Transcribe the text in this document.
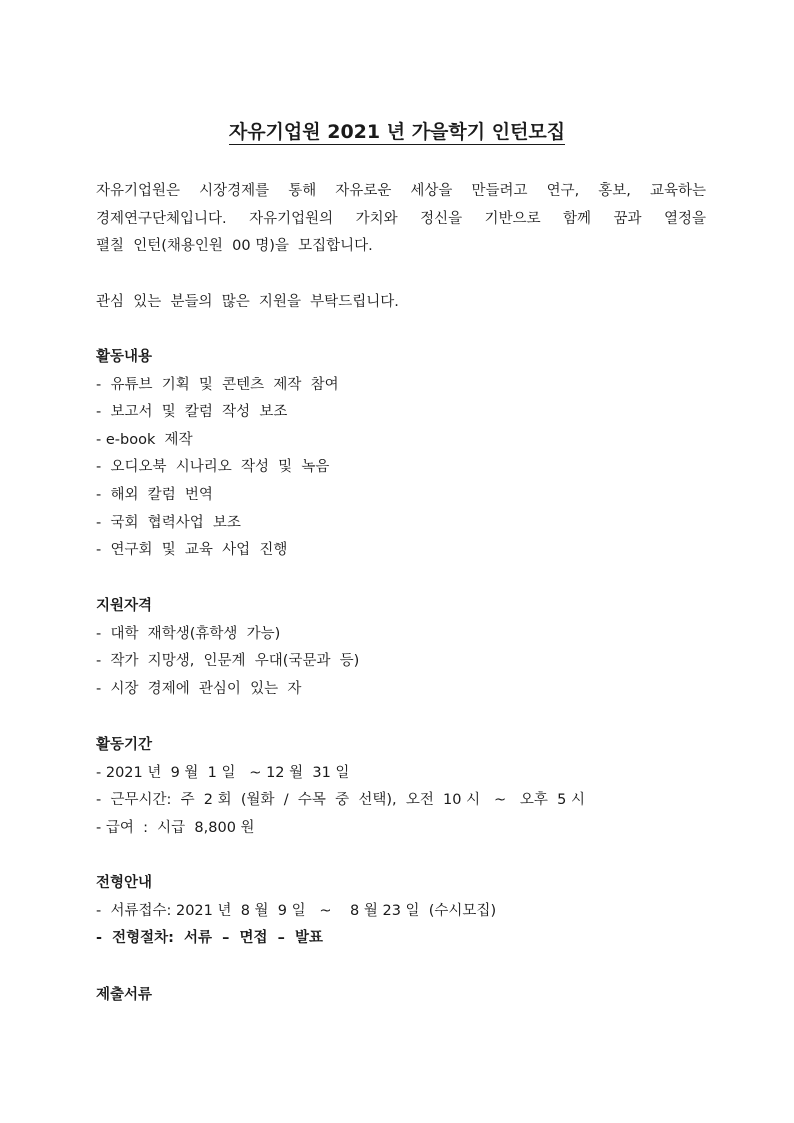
자유기업원 2021 년 가을학기 인턴모집
자유기업원은 시장경제를 통해 자유로운 세상을 만들려고 연구, 홍보, 교육하는
경제연구단체입니다. 자유기업원의 가치와 정신을 기반으로 함께 꿈과 열정을
펼칠  인턴(채용인원  00 명)을  모집합니다.
관심  있는  분들의  많은  지원을  부탁드립니다.
활동내용
-  유튜브  기획  및  콘텐츠  제작  참여
-  보고서  및  칼럼  작성  보조
- e-book  제작
-  오디오북  시나리오  작성  및  녹음
-  해외  칼럼  번역
-  국회  협력사업  보조
-  연구회  및  교육  사업  진행
지원자격
-  대학  재학생(휴학생  가능)
-  작가  지망생,  인문계  우대(국문과  등)
-  시장  경제에  관심이  있는  자
활동기간
- 2021 년  9 월  1 일   ~ 12 월  31 일
-  근무시간:  주  2 회  (월화  /  수목  중  선택),  오전  10 시   ~   오후  5 시
- 급여  :  시급  8,800 원
전형안내
-  서류접수: 2021 년  8 월  9 일   ~    8 월 23 일  (수시모집)
-  전형절차:  서류  –  면접  –  발표
제출서류
